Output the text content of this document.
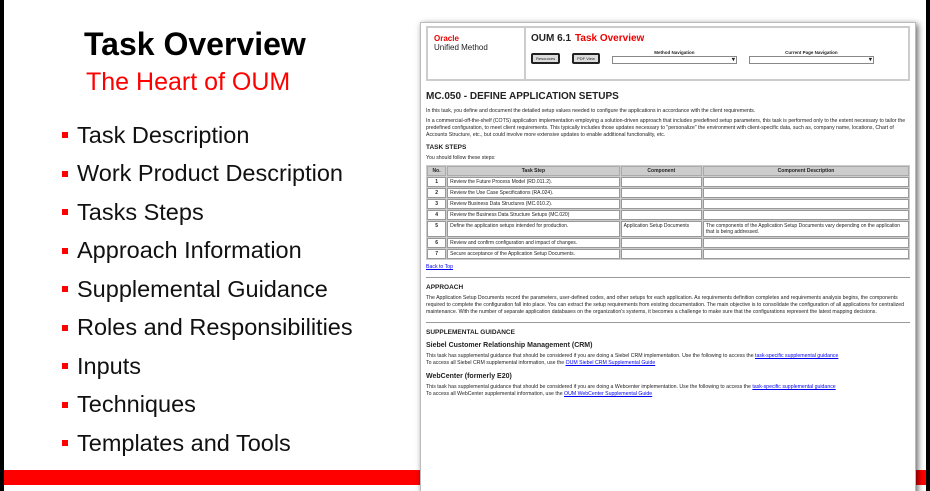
Task Overview
The Heart of OUM
Task Description
Work Product Description
Tasks Steps
Approach Information
Supplemental Guidance
Roles and Responsibilities
Inputs
Techniques
Templates and Tools
Oracle
Unified Method
OUM 6.1 Task Overview
Resources	PDF View
Method Navigation
▾	Current Page Navigation
▾
MC.050 - DEFINE APPLICATION SETUPS

In this task, you define and document the detailed setup values needed to configure the applications in accordance with the client requirements.

In a commercial-off-the-shelf (COTS) application implementation employing a solution-driven approach that includes predefined setup parameters, this task is performed only to the extent necessary to tailor the predefined configuration, to meet client requirements. This typically includes those updates necessary to "personalize" the environment with client-specific data, such as, company name, locations, Chart of Accounts Structure, etc., but could involve more extensive updates to enable additional functionality, etc.

TASK STEPS

You should follow these steps:

No.	Task Step	Component	Component Description
1	Review the Future Process Model (RD.011.2).		
2	Review the Use Case Specifications (RA.024).		
3	Review Business Data Structures (MC.010.2).		
4	Review the Business Data Structure Setups (MC.020)		
5	Define the application setups intended for production.	Application Setup Documents	The components of the Application Setup Documents vary depending on the application that is being addressed.
6	Review and confirm configuration and impact of changes.		
7	Secure acceptance of the Application Setup Documents.		

Back to Top

APPROACH

The Application Setup Documents record the parameters, user-defined codes, and other setups for each application. As requirements definition completes and requirements analysis begins, the components required to complete the configuration fall into place. You can extract the setup requirements from existing documentation. The main objective is to consolidate the configuration of all applications for centralized maintenance. With the number of separate application databases on the organization's systems, it becomes a challenge to make sure that the configurations represent the latest mapping decisions.

SUPPLEMENTAL GUIDANCE
Siebel Customer Relationship Management (CRM)

This task has supplemental guidance that should be considered if you are doing a Siebel CRM implementation. Use the following to access the task-specific supplemental guidance
To access all Siebel CRM supplemental information, use the OUM Siebel CRM Supplemental Guide

WebCenter (formerly E20)

This task has supplemental guidance that should be considered if you are doing a Webcenter implementation. Use the following to access the task-specific supplemental guidance
To access all WebCenter supplemental information, use the OUM WebCenter Supplemental Guide
